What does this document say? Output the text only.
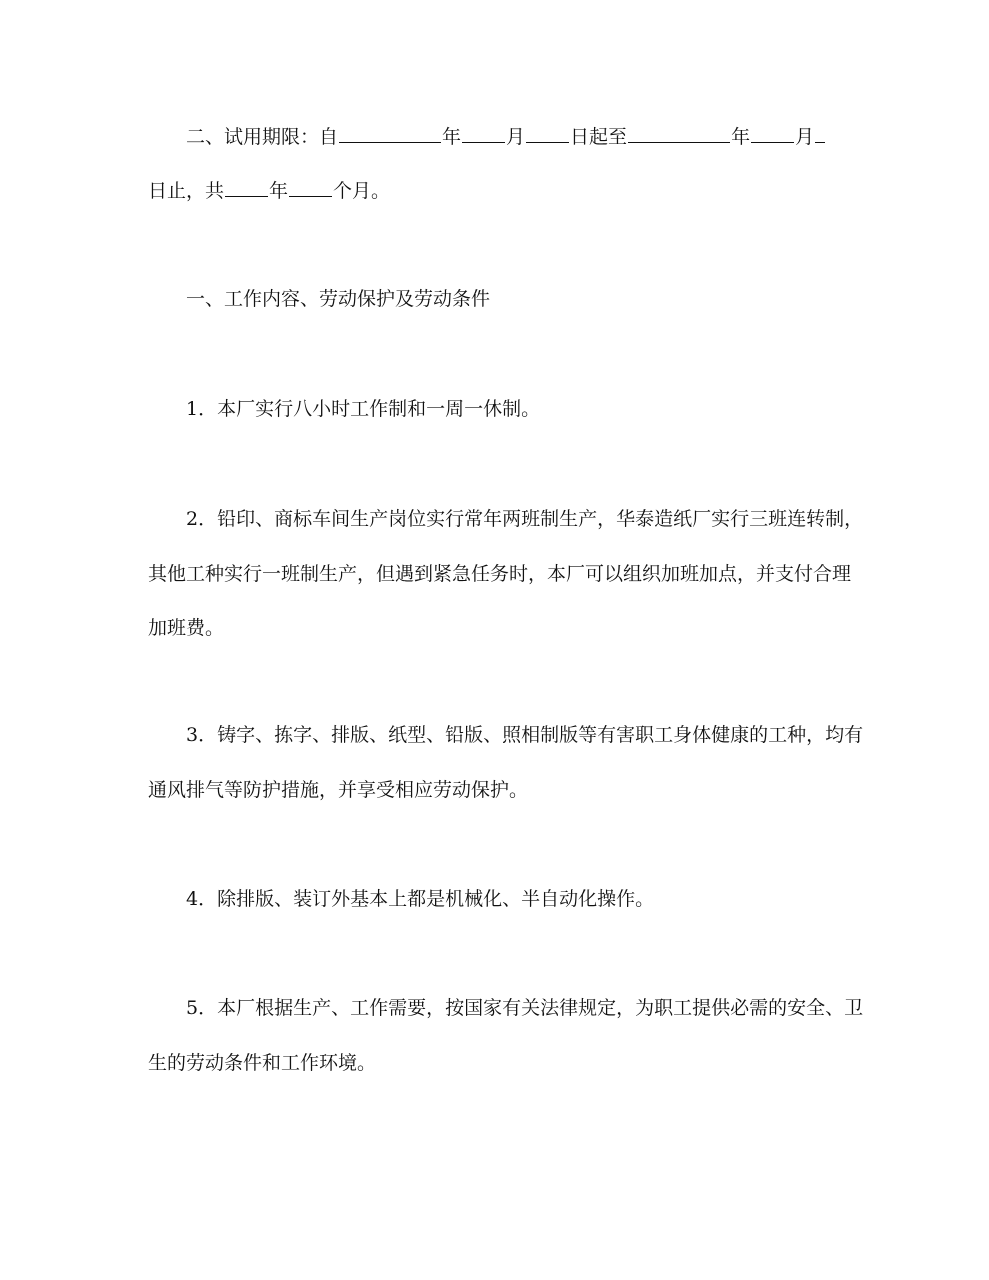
二、试用期限：自	年 月 日起至	年 月
日止，共 年 个月。
一、工作内容、劳动保护及劳动条件
1．本厂实行八小时工作制和一周一休制。
2．铅印、商标车间生产岗位实行常年两班制生产，华泰造纸厂实行三班连转制，
其他工种实行一班制生产，但遇到紧急任务时，本厂可以组织加班加点，并支付合理
加班费。
3．铸字、拣字、排版、纸型、铅版、照相制版等有害职工身体健康的工种，均有
通风排气等防护措施，并享受相应劳动保护。
4．除排版、装订外基本上都是机械化、半自动化操作。
5．本厂根据生产、工作需要，按国家有关法律规定，为职工提供必需的安全、卫
生的劳动条件和工作环境。
